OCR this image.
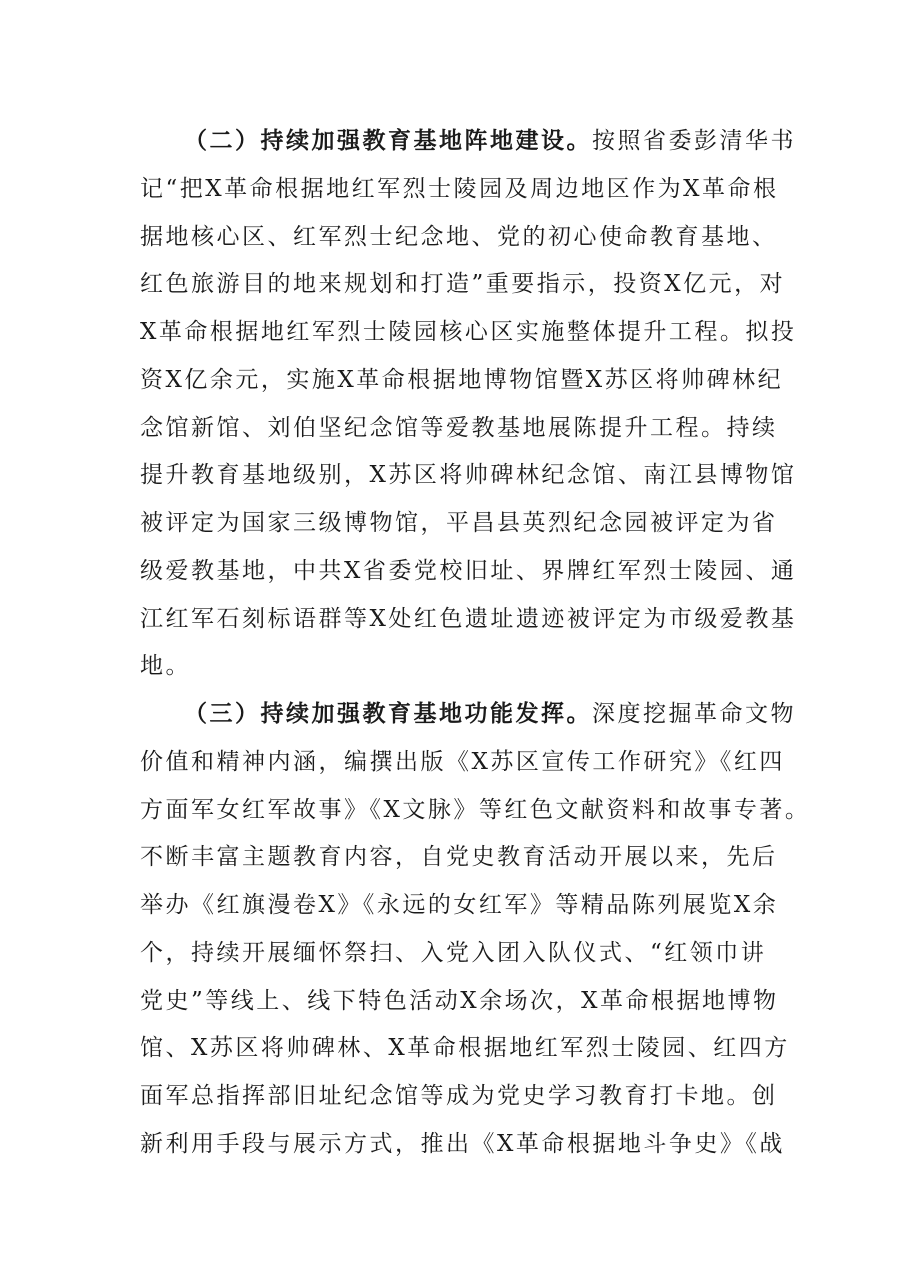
（二）持续加强教育基地阵地建设。按照省委彭清华书
记“把X革命根据地红军烈士陵园及周边地区作为X革命根
据地核心区、红军烈士纪念地、党的初心使命教育基地、
红色旅游目的地来规划和打造”重要指示，投资X亿元，对
X革命根据地红军烈士陵园核心区实施整体提升工程。拟投
资X亿余元，实施X革命根据地博物馆暨X苏区将帅碑林纪
念馆新馆、刘伯坚纪念馆等爱教基地展陈提升工程。持续
提升教育基地级别，X苏区将帅碑林纪念馆、南江县博物馆
被评定为国家三级博物馆，平昌县英烈纪念园被评定为省
级爱教基地，中共X省委党校旧址、界牌红军烈士陵园、通
江红军石刻标语群等X处红色遗址遗迹被评定为市级爱教基
地。
（三）持续加强教育基地功能发挥。深度挖掘革命文物
价值和精神内涵，编撰出版《X苏区宣传工作研究》《红四
方面军女红军故事》《X文脉》等红色文献资料和故事专著。
不断丰富主题教育内容，自党史教育活动开展以来，先后
举办《红旗漫卷X》《永远的女红军》等精品陈列展览X余
个，持续开展缅怀祭扫、入党入团入队仪式、“红领巾讲
党史”等线上、线下特色活动X余场次，X革命根据地博物
馆、X苏区将帅碑林、X革命根据地红军烈士陵园、红四方
面军总指挥部旧址纪念馆等成为党史学习教育打卡地。创
新利用手段与展示方式，推出《X革命根据地斗争史》《战
